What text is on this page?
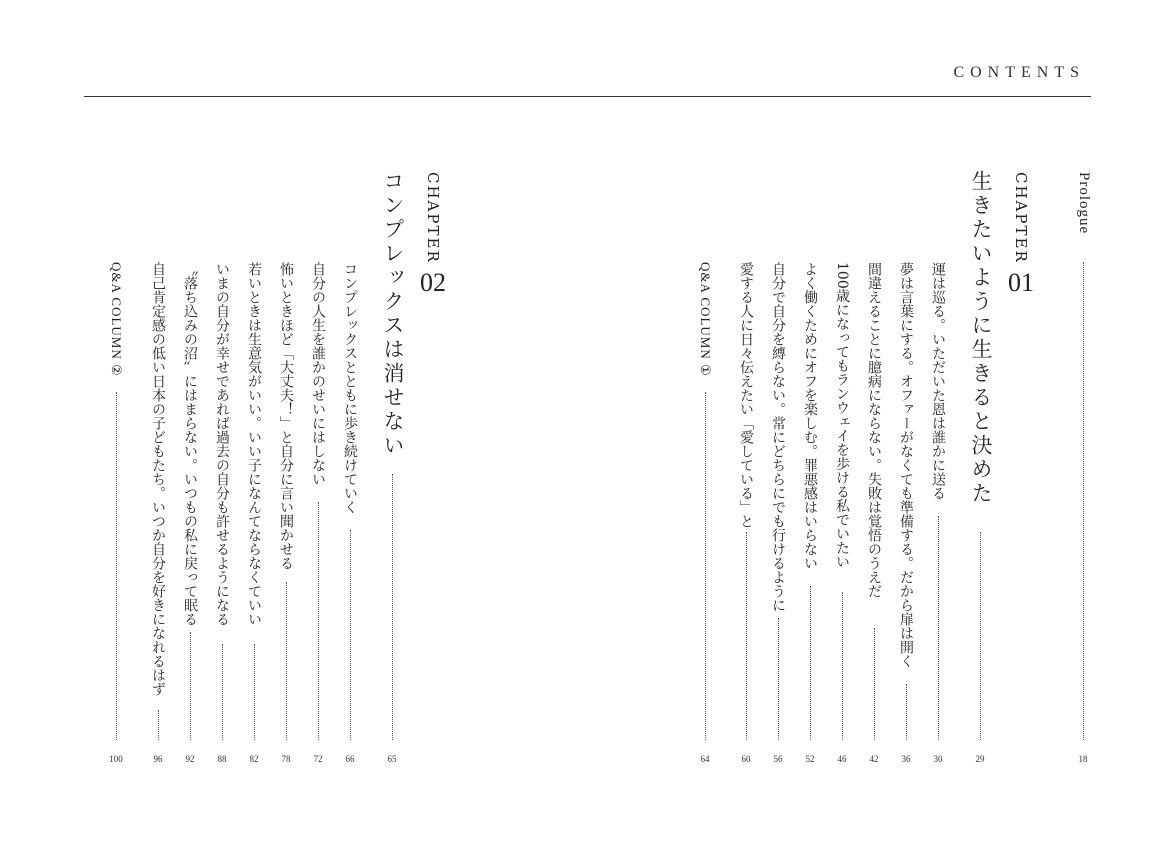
CONTENTS
Prologue
18
CHAPTER
01
生きたいように生きると決めた
29
運は巡る。いただいた恩は誰かに送る
30
夢は言葉にする。オファーがなくても準備する。だから扉は開く
36
間違えることに臆病にならない。失敗は覚悟のうえだ
42
100歳になってもランウェイを歩ける私でいたい
46
よく働くためにオフを楽しむ。罪悪感はいらない
52
自分で自分を縛らない。常にどちらにでも行けるように
56
愛する人に日々伝えたい「愛している」と
60
Q&A COLUMN ①
64
CHAPTER
02
コンプレックスは消せない
65
コンプレックスとともに歩き続けていく
66
自分の人生を誰かのせいにはしない
72
怖いときほど「大丈夫！」と自分に言い聞かせる
78
若いときは生意気がいい。いい子になんてならなくていい
82
いまの自分が幸せであれば過去の自分も許せるようになる
88
〝落ち込みの沼〟にはまらない。いつもの私に戻って眠る
92
自己肯定感の低い日本の子どもたち。いつか自分を好きになれるはず
96
Q&A COLUMN ②
100
